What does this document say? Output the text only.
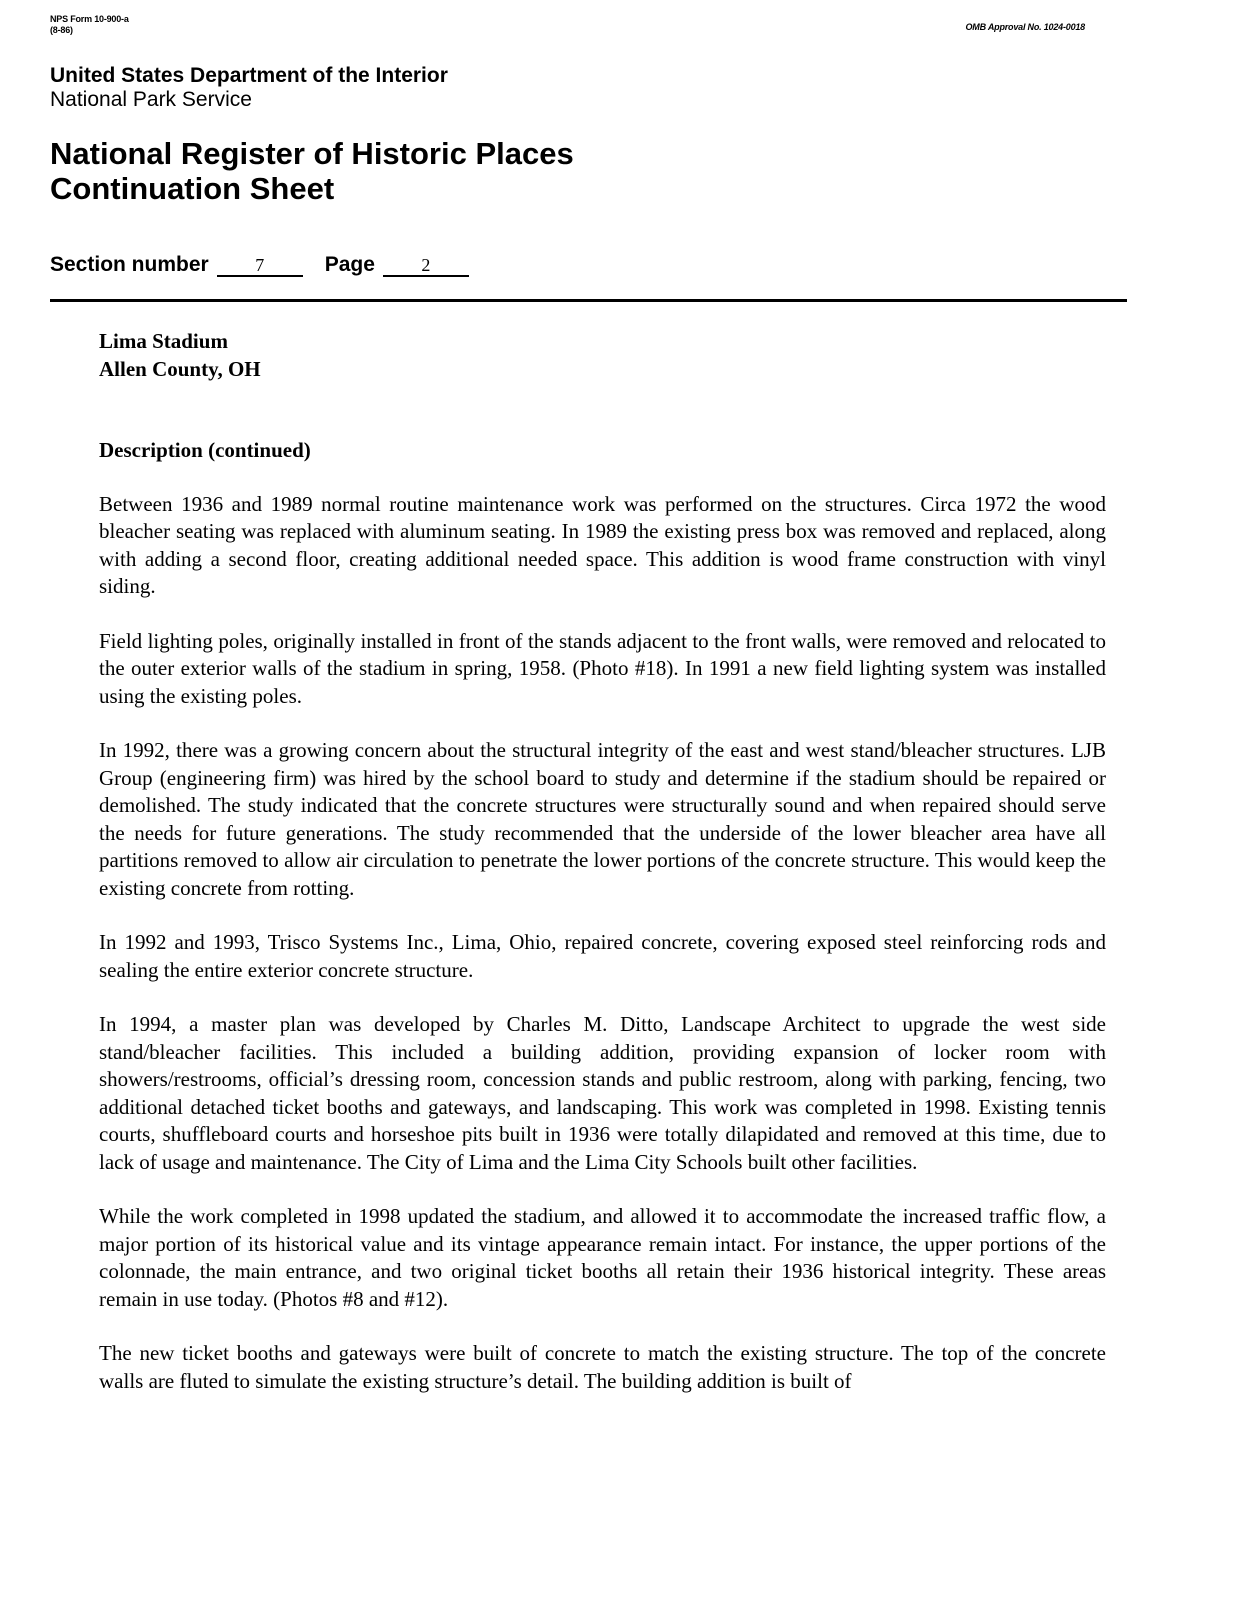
NPS Form 10-900-a
(8-86)	OMB Approval No. 1024-0018
United States Department of the Interior
National Park Service
National Register of Historic Places
Continuation Sheet
Section number	7	Page	2
Lima Stadium
Allen County, OH
Description (continued)

Between 1936 and 1989 normal routine maintenance work was performed on the structures. Circa 1972 the wood bleacher seating was replaced with aluminum seating. In 1989 the existing press box was removed and replaced, along with adding a second floor, creating additional needed space. This addition is wood frame construction with vinyl siding.

Field lighting poles, originally installed in front of the stands adjacent to the front walls, were removed and relocated to the outer exterior walls of the stadium in spring, 1958. (Photo #18). In 1991 a new field lighting system was installed using the existing poles.

In 1992, there was a growing concern about the structural integrity of the east and west stand/bleacher structures. LJB Group (engineering firm) was hired by the school board to study and determine if the stadium should be repaired or demolished. The study indicated that the concrete structures were structurally sound and when repaired should serve the needs for future generations. The study recommended that the underside of the lower bleacher area have all partitions removed to allow air circulation to penetrate the lower portions of the concrete structure. This would keep the existing concrete from rotting.

In 1992 and 1993, Trisco Systems Inc., Lima, Ohio, repaired concrete, covering exposed steel reinforcing rods and sealing the entire exterior concrete structure.

In 1994, a master plan was developed by Charles M. Ditto, Landscape Architect to upgrade the west side stand/bleacher facilities. This included a building addition, providing expansion of locker room with showers/restrooms, official’s dressing room, concession stands and public restroom, along with parking, fencing, two additional detached ticket booths and gateways, and landscaping. This work was completed in 1998. Existing tennis courts, shuffleboard courts and horseshoe pits built in 1936 were totally dilapidated and removed at this time, due to lack of usage and maintenance. The City of Lima and the Lima City Schools built other facilities.

While the work completed in 1998 updated the stadium, and allowed it to accommodate the increased traffic flow, a major portion of its historical value and its vintage appearance remain intact. For instance, the upper portions of the colonnade, the main entrance, and two original ticket booths all retain their 1936 historical integrity. These areas remain in use today. (Photos #8 and #12).

The new ticket booths and gateways were built of concrete to match the existing structure. The top of the concrete walls are fluted to simulate the existing structure’s detail. The building addition is built of
